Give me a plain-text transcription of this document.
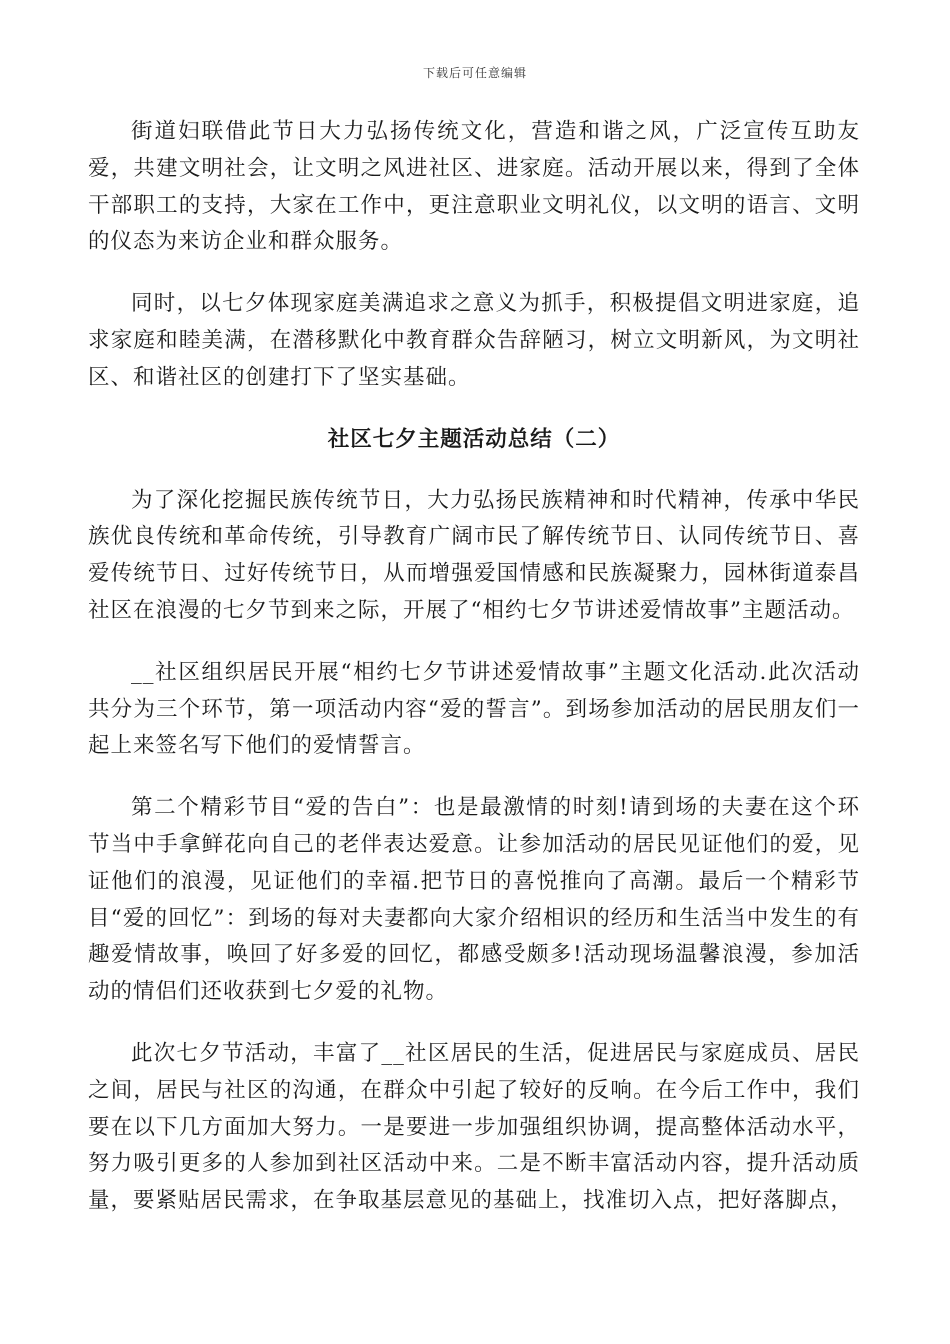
下载后可任意编辑

街道妇联借此节日大力弘扬传统文化，营造和谐之风，广泛宣传互助友爱，共建文明社会，让文明之风进社区、进家庭。活动开展以来，得到了全体干部职工的支持，大家在工作中，更注意职业文明礼仪，以文明的语言、文明的仪态为来访企业和群众服务。

同时，以七夕体现家庭美满追求之意义为抓手，积极提倡文明进家庭，追求家庭和睦美满，在潜移默化中教育群众告辞陋习，树立文明新风，为文明社区、和谐社区的创建打下了坚实基础。

社区七夕主题活动总结（二）

为了深化挖掘民族传统节日，大力弘扬民族精神和时代精神，传承中华民族优良传统和革命传统，引导教育广阔市民了解传统节日、认同传统节日、喜爱传统节日、过好传统节日，从而增强爱国情感和民族凝聚力，园林街道泰昌社区在浪漫的七夕节到来之际，开展了“相约七夕节讲述爱情故事”主题活动。

__社区组织居民开展“相约七夕节讲述爱情故事”主题文化活动.此次活动共分为三个环节，第一项活动内容“爱的誓言”。到场参加活动的居民朋友们一起上来签名写下他们的爱情誓言。

第二个精彩节目“爱的告白”：也是最激情的时刻!请到场的夫妻在这个环节当中手拿鲜花向自己的老伴表达爱意。让参加活动的居民见证他们的爱，见证他们的浪漫，见证他们的幸福.把节日的喜悦推向了高潮。最后一个精彩节目“爱的回忆”：到场的每对夫妻都向大家介绍相识的经历和生活当中发生的有趣爱情故事，唤回了好多爱的回忆，都感受颇多!活动现场温馨浪漫，参加活动的情侣们还收获到七夕爱的礼物。

此次七夕节活动，丰富了__社区居民的生活，促进居民与家庭成员、居民之间，居民与社区的沟通，在群众中引起了较好的反响。在今后工作中，我们要在以下几方面加大努力。一是要进一步加强组织协调，提高整体活动水平，努力吸引更多的人参加到社区活动中来。二是不断丰富活动内容，提升活动质量，要紧贴居民需求，在争取基层意见的基础上，找准切入点，把好落脚点，
